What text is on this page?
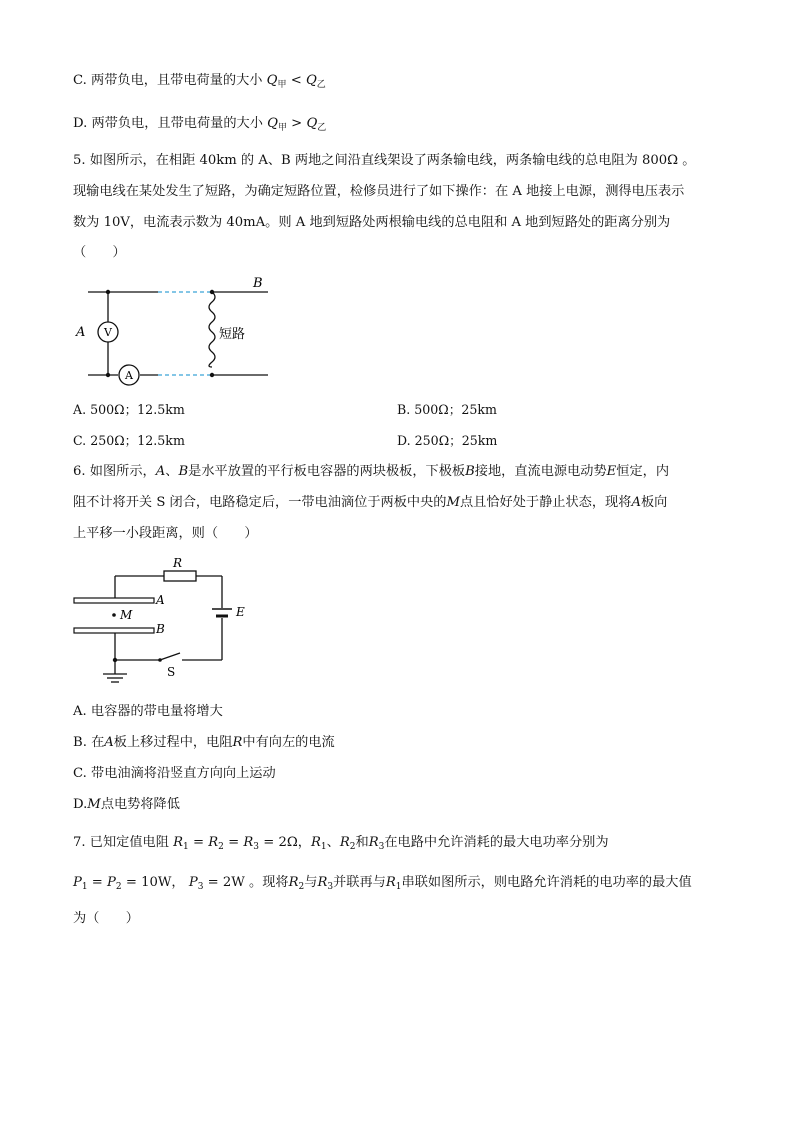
C. 两带负电，且带电荷量的大小 $Q_甲 < Q_乙$
D. 两带负电，且带电荷量的大小 $Q_甲 > Q_乙$
5. 如图所示，在相距 40km 的 A、B 两地之间沿直线架设了两条输电线，两条输电线的总电阻为 800Ω 。
现输电线在某处发生了短路，为确定短路位置，检修员进行了如下操作：在 A 地接上电源，测得电压表示
数为 10V，电流表示数为 40mA。则 A 地到短路处两根输电线的总电阻和 A 地到短路处的距离分别为
（　　）
V
A
A
B
短路
A. 500Ω；12.5km	B. 500Ω；25km
C. 250Ω；12.5km	D. 250Ω；25km
6. 如图所示，A、B是水平放置的平行板电容器的两块极板，下极板B接地，直流电源电动势E恒定，内
阻不计将开关 S 闭合，电路稳定后，一带电油滴位于两板中央的M点且恰好处于静止状态，现将A板向
上平移一小段距离，则（　　）
R
A
B
M	E
S
A. 电容器的带电量将增大
B. 在A板上移过程中，电阻R中有向左的电流
C. 带电油滴将沿竖直方向向上运动
D.M点电势将降低
7. 已知定值电阻 $R_1 = R_2 = R_3 = 2\Omega$，$R_1$、$R_2$和$R_3$在电路中允许消耗的最大电功率分别为
$P_1 = P_2 = 10W$， $P_3 = 2W$ 。现将$R_2$与$R_3$并联再与$R_1$串联如图所示，则电路允许消耗的电功率的最大值
为（　　）
